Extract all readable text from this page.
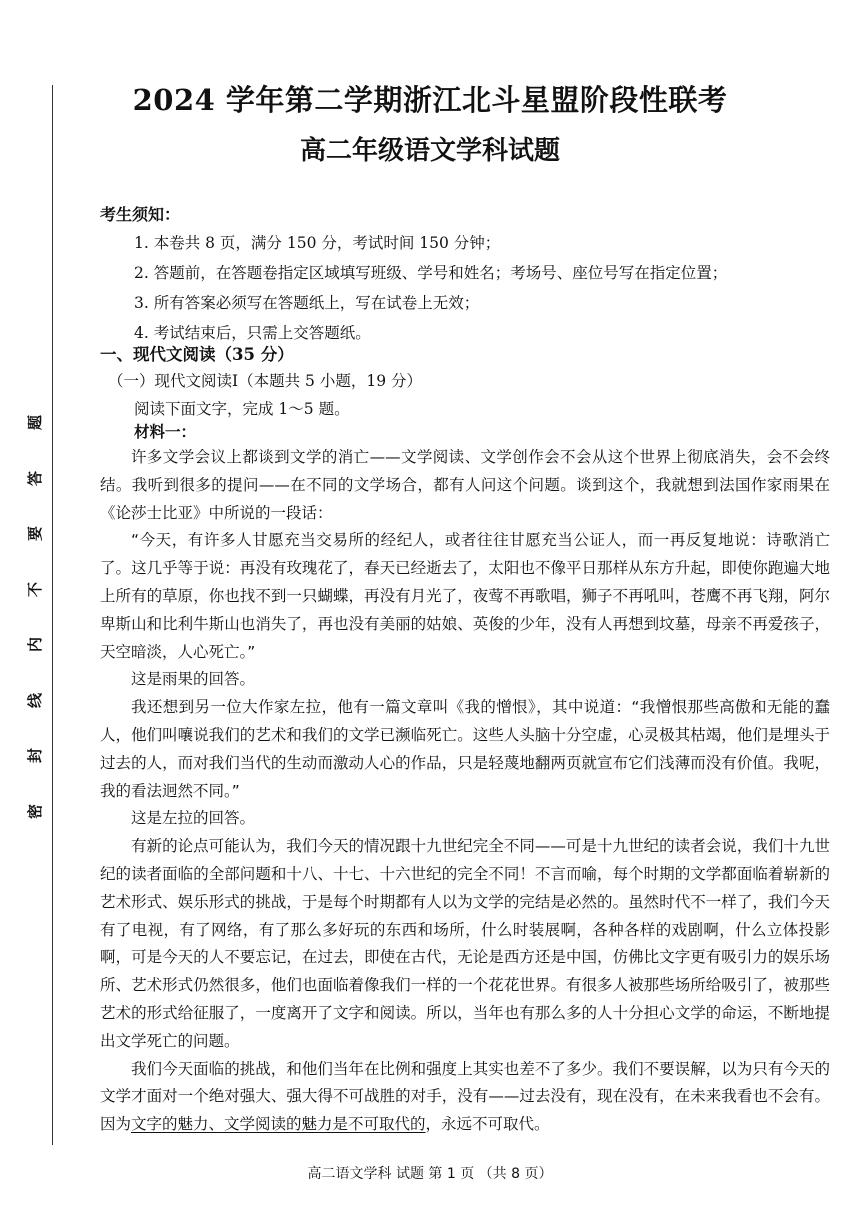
题
答
要
不
内
线
封
密
2024 学年第二学期浙江北斗星盟阶段性联考
高二年级语文学科试题
考生须知：
1. 本卷共 8 页，满分 150 分，考试时间 150 分钟；
2. 答题前，在答题卷指定区域填写班级、学号和姓名；考场号、座位号写在指定位置；
3. 所有答案必须写在答题纸上，写在试卷上无效；
4. 考试结束后，只需上交答题纸。
一、现代文阅读（35 分）
（一）现代文阅读Ⅰ（本题共 5 小题，19 分）
阅读下面文字，完成 1～5 题。
材料一：

许多文学会议上都谈到文学的消亡——文学阅读、文学创作会不会从这个世界上彻底消失，会不会终结。我听到很多的提问——在不同的文学场合，都有人问这个问题。谈到这个，我就想到法国作家雨果在《论莎士比亚》中所说的一段话：

“今天，有许多人甘愿充当交易所的经纪人，或者往往甘愿充当公证人，而一再反复地说：诗歌消亡了。这几乎等于说：再没有玫瑰花了，春天已经逝去了，太阳也不像平日那样从东方升起，即使你跑遍大地上所有的草原，你也找不到一只蝴蝶，再没有月光了，夜莺不再歌唱，狮子不再吼叫，苍鹰不再飞翔，阿尔卑斯山和比利牛斯山也消失了，再也没有美丽的姑娘、英俊的少年，没有人再想到坟墓，母亲不再爱孩子，天空暗淡，人心死亡。”

这是雨果的回答。

我还想到另一位大作家左拉，他有一篇文章叫《我的憎恨》，其中说道：“我憎恨那些高傲和无能的蠢人，他们叫嚷说我们的艺术和我们的文学已濒临死亡。这些人头脑十分空虚，心灵极其枯竭，他们是埋头于过去的人，而对我们当代的生动而激动人心的作品，只是轻蔑地翻两页就宣布它们浅薄而没有价值。我呢，我的看法迥然不同。”

这是左拉的回答。

有新的论点可能认为，我们今天的情况跟十九世纪完全不同——可是十九世纪的读者会说，我们十九世纪的读者面临的全部问题和十八、十七、十六世纪的完全不同！不言而喻，每个时期的文学都面临着崭新的艺术形式、娱乐形式的挑战，于是每个时期都有人以为文学的完结是必然的。虽然时代不一样了，我们今天有了电视，有了网络，有了那么多好玩的东西和场所，什么时装展啊，各种各样的戏剧啊，什么立体投影啊，可是今天的人不要忘记，在过去，即使在古代，无论是西方还是中国，仿佛比文字更有吸引力的娱乐场所、艺术形式仍然很多，他们也面临着像我们一样的一个花花世界。有很多人被那些场所给吸引了，被那些艺术的形式给征服了，一度离开了文字和阅读。所以，当年也有那么多的人十分担心文学的命运，不断地提出文学死亡的问题。

我们今天面临的挑战，和他们当年在比例和强度上其实也差不了多少。我们不要误解，以为只有今天的文学才面对一个绝对强大、强大得不可战胜的对手，没有——过去没有，现在没有，在未来我看也不会有。因为文字的魅力、文学阅读的魅力是不可取代的，永远不可取代。

高二语文学科 试题 第 1 页 （共 8 页）
